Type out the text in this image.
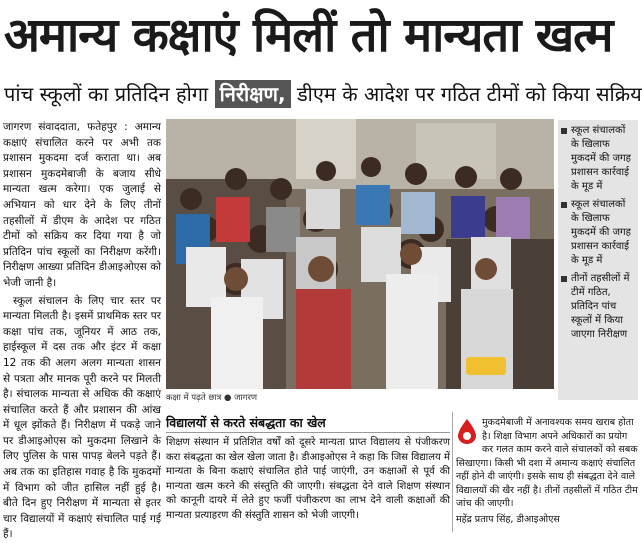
अमान्य कक्षाएं मिलीं तो मान्यता खत्म
पांच स्कूलों का प्रतिदिन होगा निरीक्षण, डीएम के आदेश पर गठित टीमों को किया सक्रिय

जागरण संवाददाता, फतेहपुर : अमान्य कक्षाएं संचालित करने पर अभी तक प्रशासन मुकदमा दर्ज कराता था। अब प्रशासन मुकदमेबाजी के बजाय सीधे मान्यता खत्म करेगा। एक जुलाई से अभियान को धार देने के लिए तीनों तहसीलों में डीएम के आदेश पर गठित टीमों को सक्रिय कर दिया गया है जो प्रतिदिन पांच स्कूलों का निरीक्षण करेंगी। निरीक्षण आख्या प्रतिदिन डीआइओएस को भेजी जानी है।

स्कूल संचालन के लिए चार स्तर पर मान्यता मिलती है। इसमें प्राथमिक स्तर पर कक्षा पांच तक, जूनियर में आठ तक, हाईस्कूल में दस तक और इंटर में कक्षा 12 तक की अलग अलग मान्यता शासन से पत्रता और मानक पूरी करने पर मिलती है। संचालक मान्यता से अधिक की कक्षाएं संचालित करते हैं और प्रशासन की आंख में धूल झोंकते हैं। निरीक्षण में पकड़े जाने पर डीआइओएस को मुकदमा लिखाने के लिए पुलिस के पास पापड़ बेलने पड़ते हैं। अब तक का इतिहास गवाह है कि मुकदमों में विभाग को जीत हासिल नहीं हुई है। बीते दिन हुए निरीक्षण में मान्यता से इतर चार विद्यालयों में कक्षाएं संचालित पाई गई हैं।

कक्षा में पढ़ते छात्र ● जागरण
स्कूल संचालकों के खिलाफ मुकदमें की जगह प्रशासन कार्रवाई के मूड में
स्कूल संचालकों के खिलाफ मुकदमें की जगह प्रशासन कार्रवाई के मूड में
तीनों तहसीलों में टीमें गठित, प्रतिदिन पांच स्कूलों में किया जाएगा निरीक्षण
विद्यालयों से करते संबद्धता का खेल
शिक्षण संस्थान में प्रतिशित वर्षों को दूसरे मान्यता प्राप्त विद्यालय से पंजीकरण करा संबद्धता का खेल खेला जाता है। डीआइओएस ने कहा कि जिस विद्यालय में मान्यता के बिना कक्षाएं संचालित होते पाई जाएंगी, उन कक्षाओं से पूर्व की मान्यता खत्म करने की संस्तुति की जाएगी। संबद्धता देने वाले शिक्षण संस्थान को कानूनी दायरे में लेते हुए फर्जी पंजीकरण का लाभ देने वाली कक्षाओं की मान्यता प्रत्याहरण की संस्तुति शासन को भेजी जाएगी।
मुकदमेबाजी में अनावश्यक समय खराब होता है। शिक्षा विभाग अपने अधिकारों का प्रयोग कर गलत काम करने वाले संचालकों को सबक सिखाएगा। किसी भी दशा में अमान्य कक्षाएं संचालित नहीं होने दी जाएंगी। इसके साथ ही संबद्धता देने वाले विद्यालयों की खैर नहीं है। तीनों तहसीलों में गठित टीम जांच की जाएगी।
महेंद्र प्रताप सिंह, डीआइओएस
